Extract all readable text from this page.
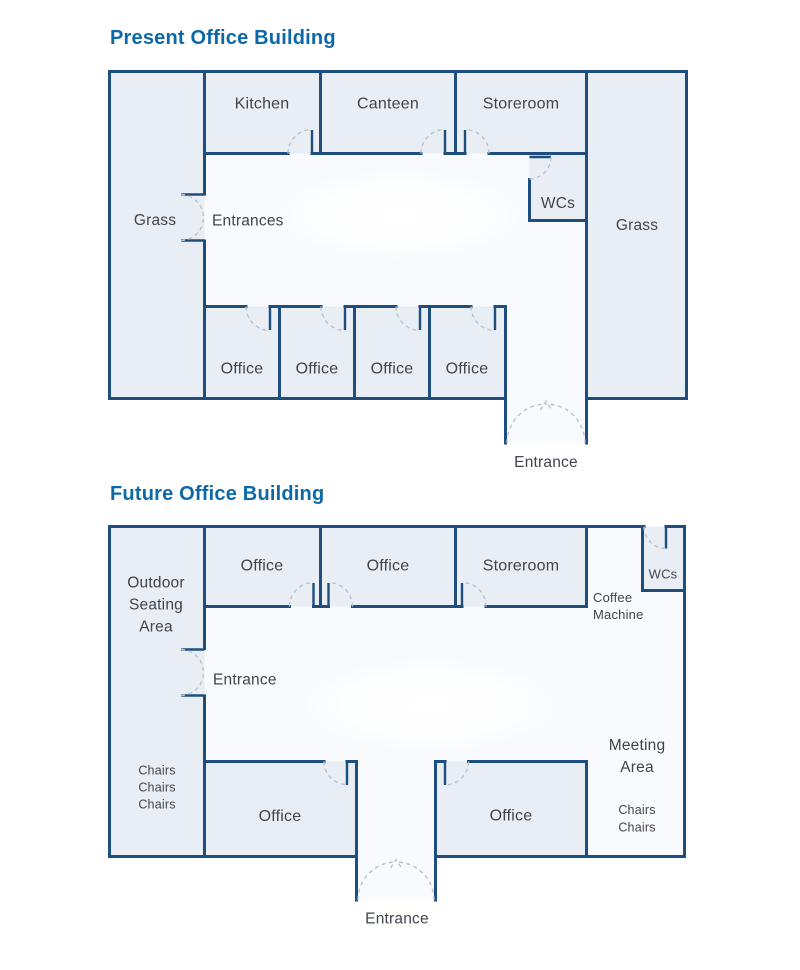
Present Office Building
Future Office Building
Grass
Kitchen	Canteen	Storeroom
Entrances
WCs
Grass
Office Office Office Office
Entrance
Outdoor
Seating
Area
Office	Office	Storeroom	WCs
Coffee
Machine
Entrance
Chairs
Chairs
Chairs
Office	Office
Meeting
Area
Chairs
Chairs
Entrance
